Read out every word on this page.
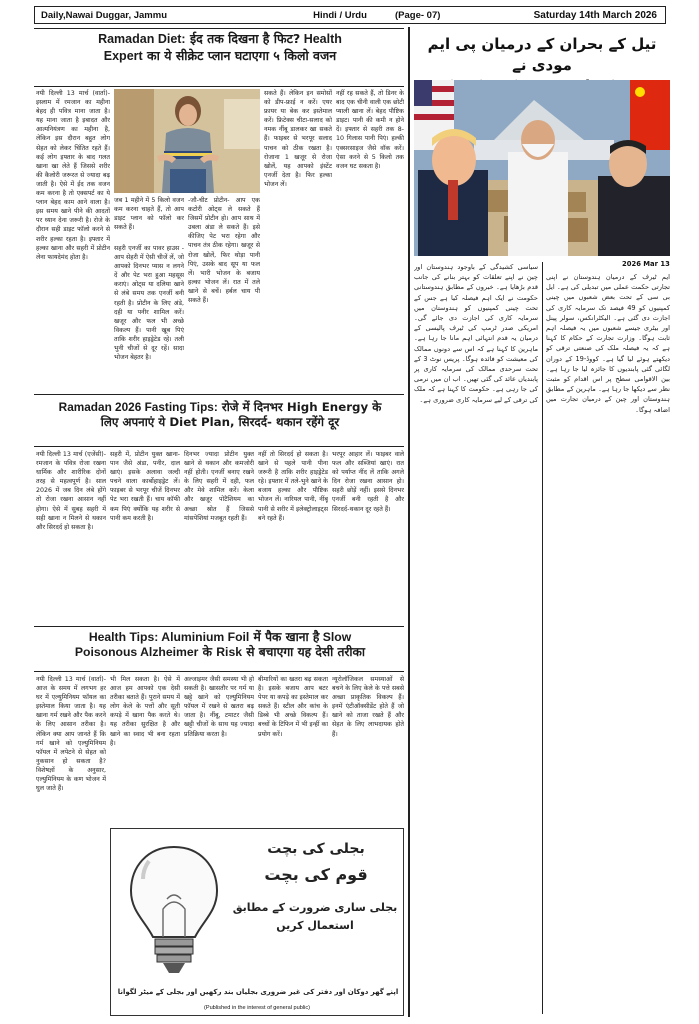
Daily,Nawai Duggar, Jammu	Hindi / Urdu	(Page- 07)	Saturday 14th March 2026
Ramadan Diet: ईद तक दिखना है फिट? Health
Expert का ये सीक्रेट प्लान घटाएगा ५ किलो वजन
नयी दिल्ली 13 मार्च (वार्ता)- इस्लाम में रमजान का महीना बेहद ही पवित्र माना जाता है। यह माना जाता है इबादत और आत्मनियंत्रण का महीना है, लेकिन इस दौरान बहुत लोग सेहत को लेकर चिंतित रहते हैं। कई लोग इफ्तार के बाद गलत खाना खा लेते हैं जिससे शरीर की कैलोरी जरूरत से ज्यादा बढ़ जाती है। ऐसे में ईद तक वजन कम करना है तो एक्सपर्ट का ये प्लान बेहद काम आने वाला है। इस समय खाने पीने की आदतों पर ध्यान देना जरूरी है। रोजे के दौरान सही डाइट फॉलो करने से शरीर हल्का रहता है। इफ्तार में हल्का खाना और सहरी में प्रोटीन लेना फायदेमंद होता है।
जब 1 महीने में 5 किलो वजन कम करना चाहते हैं, तो आप डाइट प्लान को फॉलो कर सकते हैं।
सहरी एनर्जी का पावर हाउस - आप सेहरी में ऐसी चीजें लें, जो आपको दिनभर प्यास न लगने दें और पेट भरा हुआ महसूस कराएं। ओट्स या दलिया खाने से लंबे समय तक एनर्जी बनी रहती है। प्रोटीन के लिए अंडे, दही या पनीर शामिल करें। खजूर और फल भी अच्छे विकल्प हैं। पानी खूब पिएं ताकि शरीर हाइड्रेटेड रहे। तली भुनी चीजों से दूर रहें। सादा भोजन बेहतर है।
-जौ-चीट प्रोटीन- आप एक कटोरी ओट्स ले सकते हैं जिसमें प्रोटीन हो। आप साथ में उबला अंडा ले सकते हैं। इसे कीजिए पेट भरा रहेगा और पाचन तंत्र ठीक रहेगा। खजूर से रोजा खोलें, फिर थोड़ा पानी पिएं, उसके बाद सूप या फल लें। भारी भोजन के बजाय हल्का भोजन लें। रात में तले खाने से बचें। हर्बल चाय पी सकते हैं।
सकते हैं। लेकिन इन समोसों को डीप-फ्राई न करें। एयर फ्रायर या बेक कर इस्तेमाल करें। फ्रिटेक्स चीटा-सलाद को नमक नींबू डालकर खा सकते हैं। फाइबर से भरपूर सलाद पाचन को ठीक रखता है। रोजाना 1 खजूर से रोजा खोलें, यह आपको इंस्टेंट एनर्जी देता है। फिर हल्का भोजन लें।
नहीं रह सकते हैं, तो डिनर के बाद एक चीनी वाली एक छोटी प्याली खाना लें। बेहद पौष्टिक डाइट। पानी की कमी न होने दें। इफ्तार से सहरी तक 8-10 गिलास पानी पिएं। हल्की एक्सरसाइज जैसे वॉक करें। ऐसा करने से 5 किलो तक वजन घट सकता है।
Ramadan 2026 Fasting Tips: रोजे में दिनभर High Energy के
लिए अपनाएं ये Diet Plan, सिरदर्द- थकान रहेंगे दूर
नयी दिल्ली 13 मार्च (एजेंसी)- रमजान के पवित्र रोजा रखना धार्मिक और शारीरिक दोनों तरह से महत्वपूर्ण है। साल 2026 में जब दिन लंबे होंगे तो रोजा रखना आसान नहीं होगा। ऐसे में सुबह सहरी में सही खाना न मिलने से थकान और सिरदर्द हो सकता है।
सहरी में, प्रोटीन युक्त खाना-पान जैसे अंडा, पनीर, दाल खाएं। इसके अलावा जल्दी पचने वाला कार्बोहाइड्रेट लें। फाइबर से भरपूर चीजें दिनभर पेट भरा रखती हैं। चाय कॉफी कम पिएं क्योंकि यह शरीर से पानी कम करती है।
दिनभर ज्यादा प्रोटीन युक्त खाने से थकान और कमजोरी नहीं होती। एनर्जी बनाए रखने के लिए सहरी में दही, फल और मेवे शामिल करें। केला और खजूर पोटैशियम का अच्छा स्रोत हैं जिससे मांसपेशियां मजबूत रहती हैं।
नहीं तो सिरदर्द हो सकता है। खाने से पहले पानी पीना जरूरी है ताकि शरीर हाइड्रेटेड रहे। इफ्तार में तले-भुने खाने के बजाय हल्का और पौष्टिक भोजन लें। नारियल पानी, नींबू पानी से शरीर में इलेक्ट्रोलाइट्स बने रहते हैं।
भरपूर आहार लें। फाइबर वाले फल और सब्जियां खाएं। रात को पर्याप्त नींद लें ताकि अगले दिन रोजा रखना आसान हो। सहरी छोड़ें नहीं। इससे दिनभर एनर्जी बनी रहती है और सिरदर्द-थकान दूर रहते हैं।
Health Tips: Aluminium Foil में पैक खाना है Slow
Poisonous Alzheimer के Risk से बचाएगा यह देसी तरीका
नयी दिल्ली 13 मार्च (वार्ता)- आज के समय में लगभग हर घर में एल्युमिनियम फॉयल का इस्तेमाल किया जाता है। यह खाना गर्म रखने और पैक करने के लिए आसान तरीका है। लेकिन क्या आप जानते हैं कि गर्म खाने को एल्युमिनियम फॉयल में लपेटने से सेहत को नुकसान हो सकता है? विशेषज्ञों के अनुसार, एल्युमिनियम के कण भोजन में घुल जाते हैं।
भी मिल सकता है। ऐसे में आज हम आपको एक देसी तरीका बताते हैं। पुराने समय में लोग केले के पत्तों और सूती कपड़े में खाना पैक करते थे। यह तरीका सुरक्षित है और खाने का स्वाद भी बना रहता है।
अल्जाइमर जैसी समस्या भी हो सकती है। खासतौर पर गर्म या खट्टे खाने को एल्युमिनियम फॉयल में रखने से खतरा बढ़ जाता है। नींबू, टमाटर जैसी खट्टी चीजों के साथ यह ज्यादा प्रतिक्रिया करता है।
बीमारियों का खतरा बढ़ सकता है। इसके बजाय आप बटर पेपर या कपड़े का इस्तेमाल कर सकते हैं। स्टील और कांच के डिब्बे भी अच्छे विकल्प हैं। बच्चों के टिफिन में भी इन्हीं का प्रयोग करें।
न्यूरोलॉजिकल समस्याओं से बचने के लिए केले के पत्ते सबसे अच्छा प्राकृतिक विकल्प हैं। इनमें एंटीऑक्सीडेंट होते हैं जो खाने को ताजा रखते हैं और सेहत के लिए लाभदायक होते हैं।
بجلی کی بچت
قوم کی بچت
بجلی ساری ضرورت کے مطابق استعمال کریں
اپنے گھر دوکان اور دفتر کی غیر ضروری بجلیاں بند رکھیں اور بجلی کے میٹر لگوانا
(Published in the interest of general public)
تیل کے بحران کے درمیان پی ایم مودی نے
2026 Mar 13
سیاسی کشیدگی کے باوجود ہندوستان اور چین نے اپنے تعلقات کو بہتر بنانے کی جانب قدم بڑھایا ہے۔ خبروں کے مطابق ہندوستانی حکومت نے ایک اہم فیصلہ کیا ہے جس کے تحت چینی کمپنیوں کو ہندوستان میں سرمایہ کاری کی اجازت دی جائے گی۔ امریکی صدر ٹرمپ کی ٹیرف پالیسی کے درمیان یہ قدم انتہائی اہم مانا جا رہا ہے۔ ماہرین کا کہنا ہے کہ اس سے دونوں ممالک کی معیشت کو فائدہ ہوگا۔ پریس نوٹ 3 کے تحت سرحدی ممالک کی سرمایہ کاری پر پابندیاں عائد کی گئی تھیں۔ اب ان میں نرمی کی جا رہی ہے۔ حکومت کا کہنا ہے کہ ملک کی ترقی کے لیے سرمایہ کاری ضروری ہے۔
ایم ٹیرف کے درمیان ہندوستان نے اپنی تجارتی حکمت عملی میں تبدیلی کی ہے۔ ایل بی سی کے تحت بعض شعبوں میں چینی کمپنیوں کو 49 فیصد تک سرمایہ کاری کی اجازت دی گئی ہے۔ الیکٹرانکس، سولر پینل اور بیٹری جیسے شعبوں میں یہ فیصلہ اہم ثابت ہوگا۔ وزارت تجارت کے حکام کا کہنا ہے کہ یہ فیصلہ ملک کی صنعتی ترقی کو دیکھتے ہوئے لیا گیا ہے۔ کووڈ-19 کے دوران لگائی گئی پابندیوں کا جائزہ لیا جا رہا ہے۔ بین الاقوامی سطح پر اس اقدام کو مثبت نظر سے دیکھا جا رہا ہے۔ ماہرین کے مطابق ہندوستان اور چین کے درمیان تجارت میں اضافہ ہوگا۔
